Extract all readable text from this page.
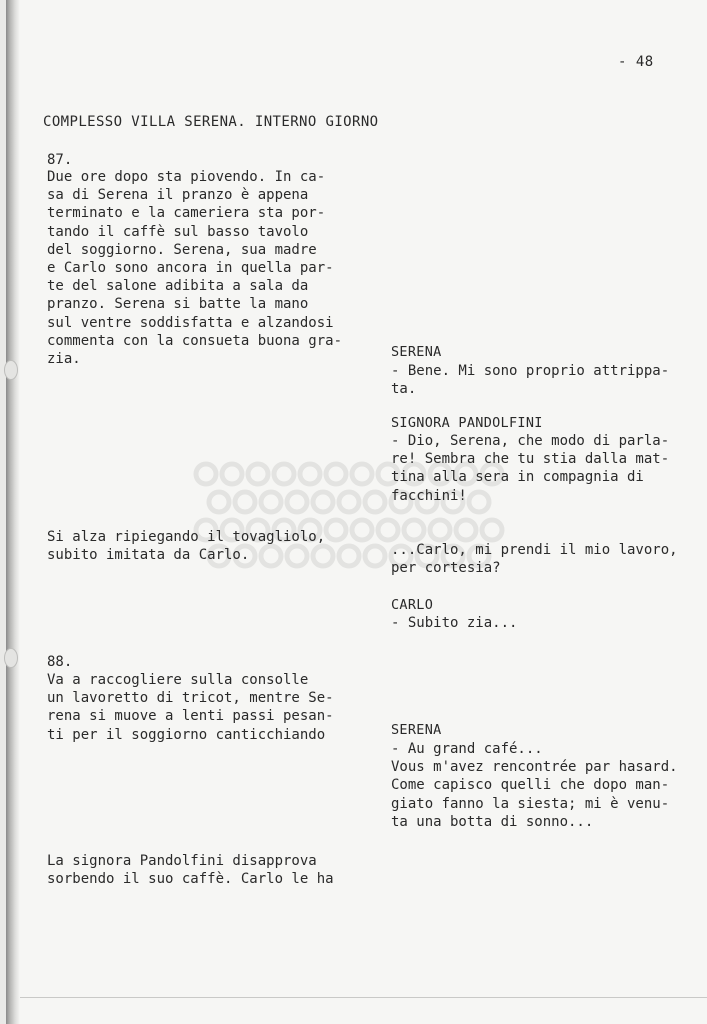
- 48
COMPLESSO VILLA SERENA. INTERNO GIORNO
87.
Due ore dopo sta piovendo. In ca-
sa di Serena il pranzo è appena
terminato e la cameriera sta por-
tando il caffè sul basso tavolo
del soggiorno. Serena, sua madre
e Carlo sono ancora in quella par-
te del salone adibita a sala da
pranzo. Serena si batte la mano
sul ventre soddisfatta e alzandosi
commenta con la consueta buona gra-
zia.
Si alza ripiegando il tovagliolo,
subito imitata da Carlo.
88.
Va a raccogliere sulla consolle
un lavoretto di tricot, mentre Se-
rena si muove a lenti passi pesan-
ti per il soggiorno canticchiando
La signora Pandolfini disapprova
sorbendo il suo caffè. Carlo le ha
SERENA
- Bene. Mi sono proprio attrippa-
ta.
SIGNORA PANDOLFINI
- Dio, Serena, che modo di parla-
re! Sembra che tu stia dalla mat-
tina alla sera in compagnia di
facchini!

...Carlo, mi prendi il mio lavoro,
per cortesia?
CARLO
- Subito zia...
SERENA
- Au grand café...
Vous m'avez rencontrée par hasard.
Come capisco quelli che dopo man-
giato fanno la siesta; mi è venu-
ta una botta di sonno...
